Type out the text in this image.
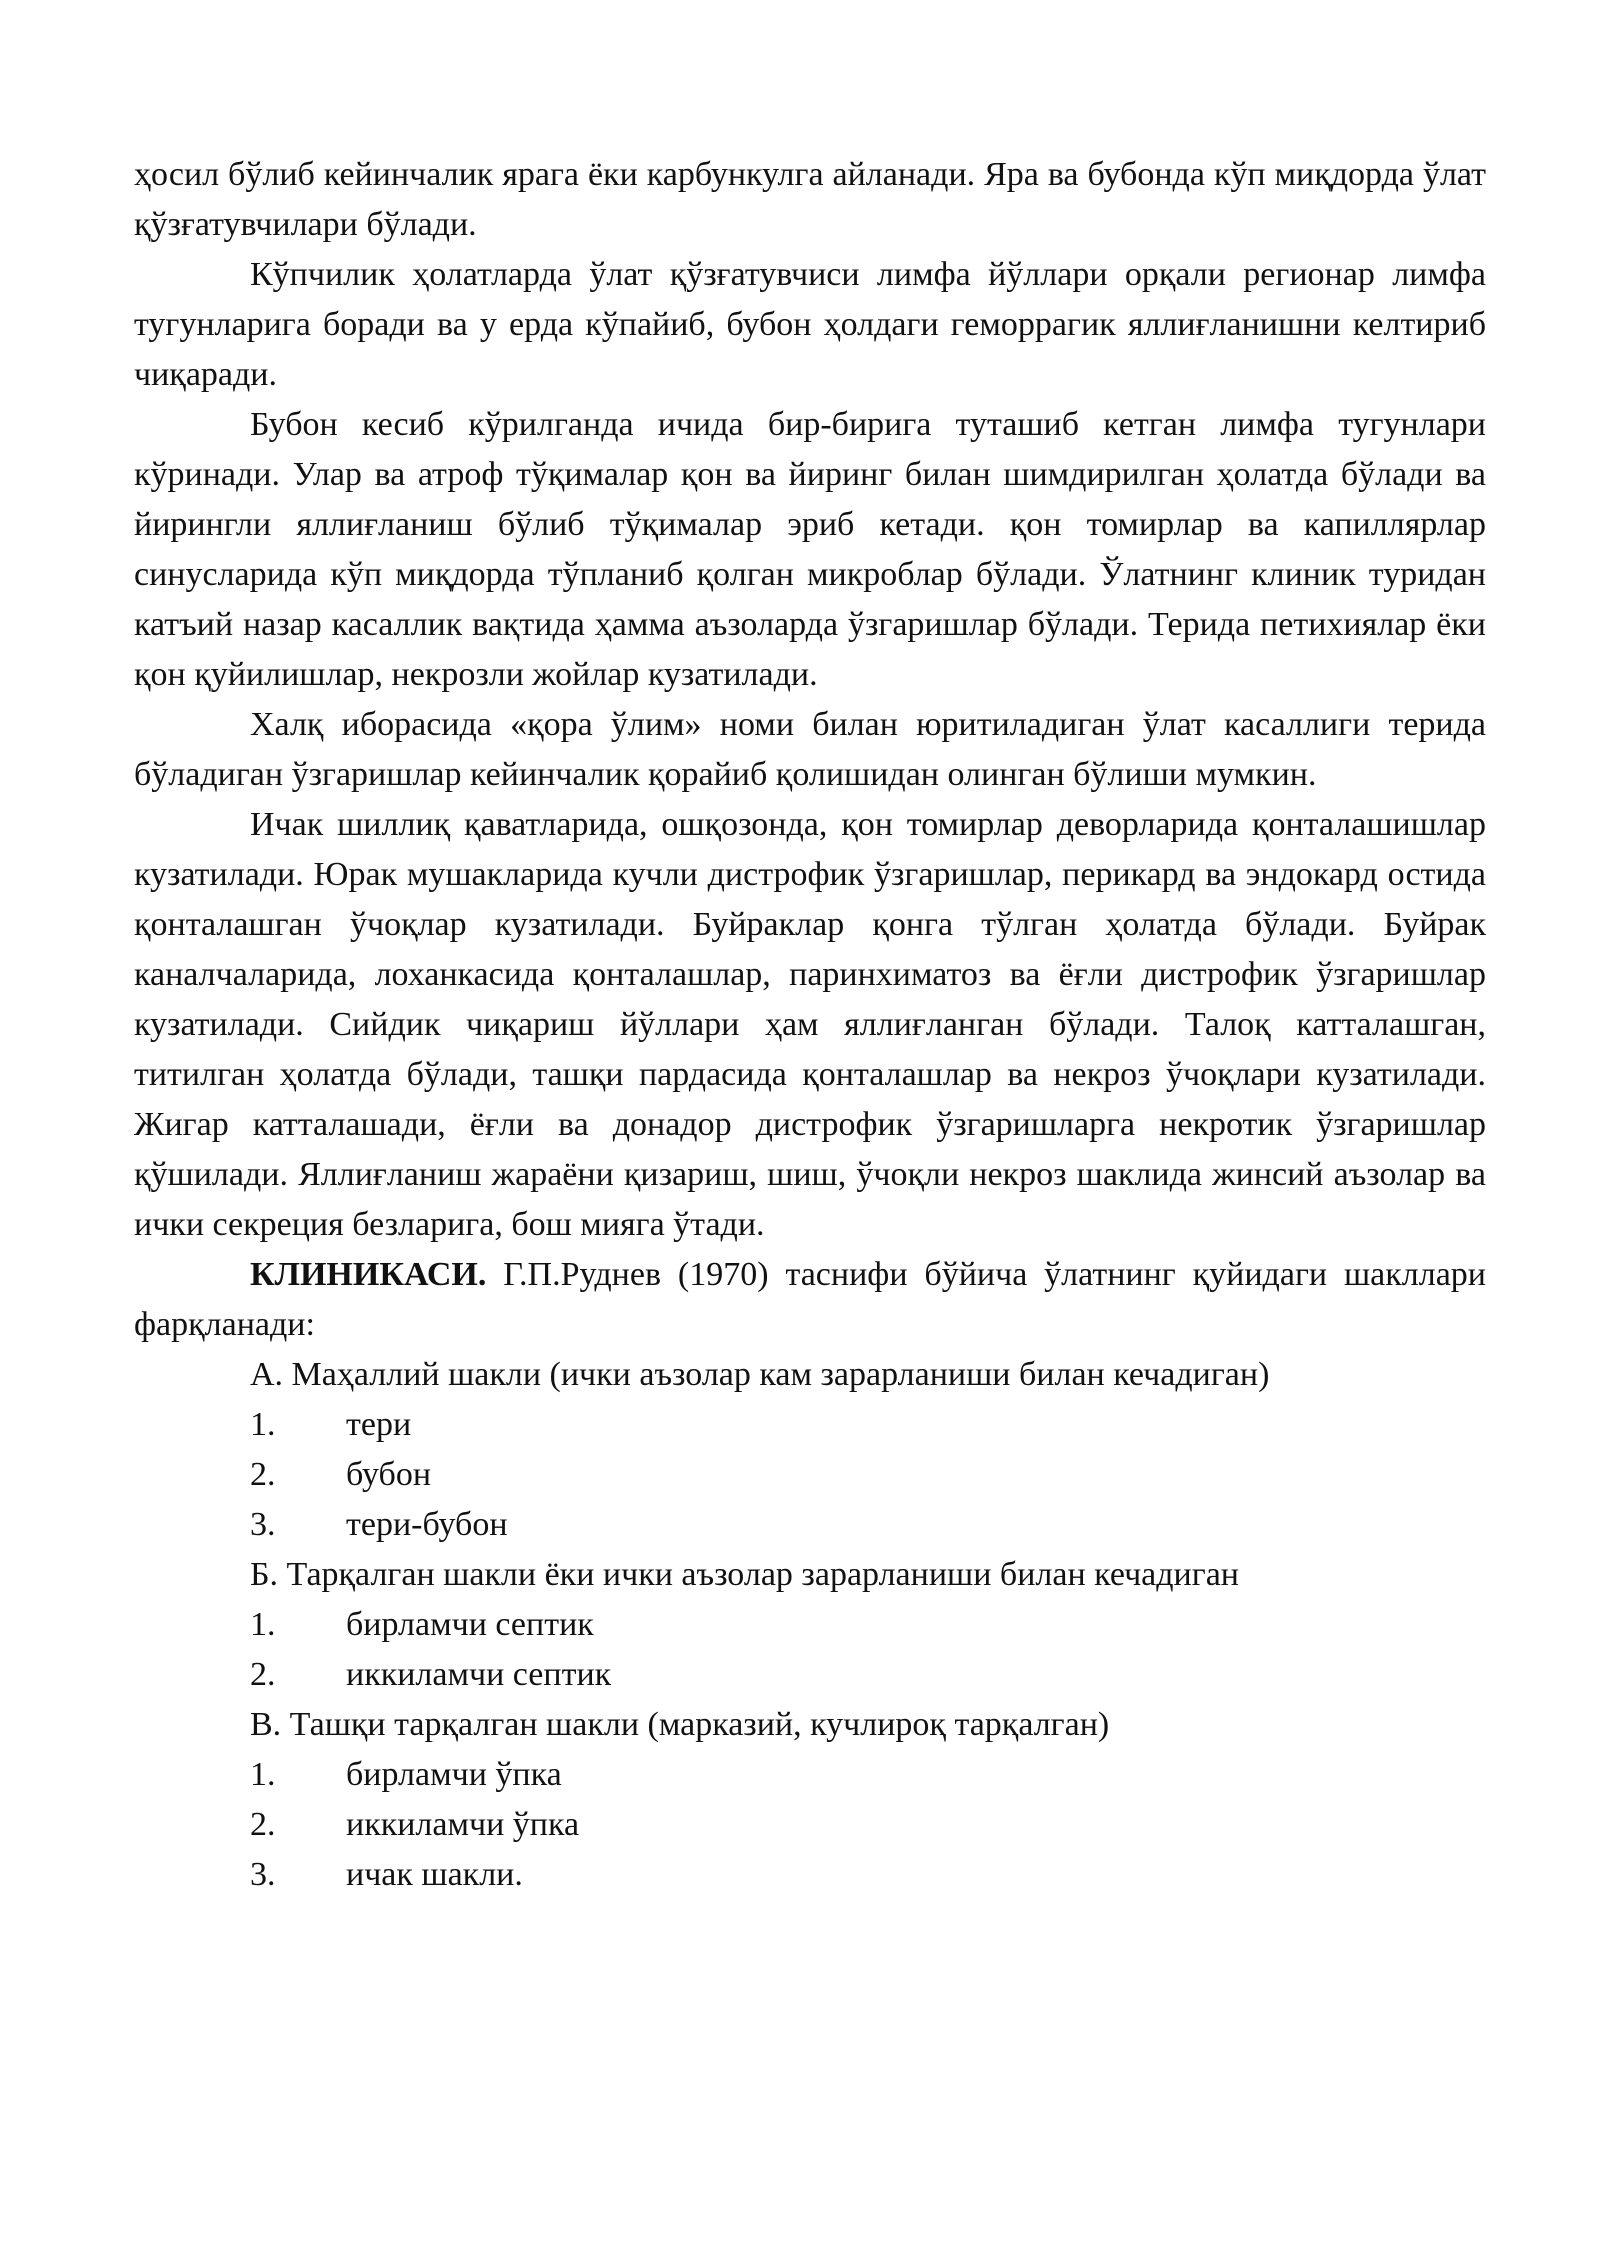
ҳосил бўлиб кейинчалик ярага ёки карбункулга айланади. Яра ва бубонда кўп миқдорда ўлат қўзғатувчилари бўлади.

Кўпчилик ҳолатларда ўлат қўзғатувчиси лимфа йўллари орқали регионар лимфа тугунларига боради ва у ерда кўпайиб, бубон ҳолдаги геморрагик яллиғланишни келтириб чиқаради.

Бубон кесиб кўрилганда ичида бир-бирига туташиб кетган лимфа тугунлари кўринади. Улар ва атроф тўқималар қон ва йиринг билан шимдирилган ҳолатда бўлади ва йирингли яллиғланиш бўлиб тўқималар эриб кетади. қон томирлар ва капиллярлар синусларида кўп миқдорда тўпланиб қолган микроблар бўлади. Ўлатнинг клиник туридан катъий назар касаллик вақтида ҳамма аъзоларда ўзгаришлар бўлади. Терида петихиялар ёки қон қуйилишлар, некрозли жойлар кузатилади.

Халқ иборасида «қора ўлим» номи билан юритиладиган ўлат касаллиги терида бўладиган ўзгаришлар кейинчалик қорайиб қолишидан олинган бўлиши мумкин.

Ичак шиллиқ қаватларида, ошқозонда, қон томирлар деворларида қонталашишлар кузатилади. Юрак мушакларида кучли дистрофик ўзгаришлар, перикард ва эндокард остида қонталашган ўчоқлар кузатилади. Буйраклар қонга тўлган ҳолатда бўлади. Буйрак каналчаларида, лоханкасида қонталашлар, паринхиматоз ва ёғли дистрофик ўзгаришлар кузатилади. Сийдик чиқариш йўллари ҳам яллиғланган бўлади. Талоқ катталашган, титилган ҳолатда бўлади, ташқи пардасида қонталашлар ва некроз ўчоқлари кузатилади. Жигар катталашади, ёғли ва донадор дистрофик ўзгаришларга некротик ўзгаришлар қўшилади. Яллиғланиш жараёни қизариш, шиш, ўчоқли некроз шаклида жинсий аъзолар ва ички секреция безларига, бош мияга ўтади.

КЛИНИКАСИ. Г.П.Руднев (1970) таснифи бўйича ўлатнинг қуйидаги шакллари фарқланади:

А. Маҳаллий шакли (ички аъзолар кам зарарланиши билан кечадиган)

1. тери

2. бубон

3. тери-бубон

Б. Тарқалган шакли ёки ички аъзолар зарарланиши билан кечадиган

1. бирламчи септик

2. иккиламчи септик

В. Ташқи тарқалган шакли (марказий, кучлироқ тарқалган)

1. бирламчи ўпка

2. иккиламчи ўпка

3. ичак шакли.
